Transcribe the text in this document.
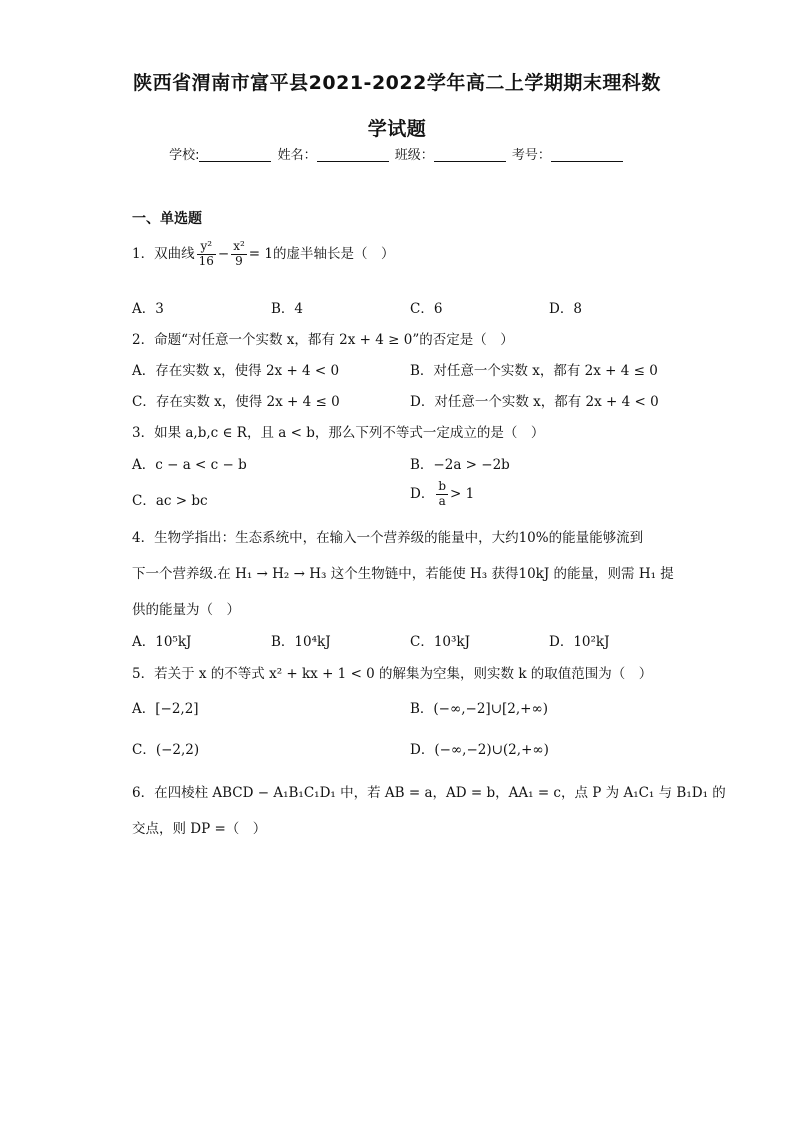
陕西省渭南市富平县2021-2022学年高二上学期期末理科数
学试题
学校:	姓名：	班级：	考号：
一、单选题
1．双曲线 $\frac{\text{y²}}{16} - \frac{\text{x²}}{9} = 1$的虚半轴长是（　）
A．3	B．4	C．6	D．8
2．命题“对任意一个实数 x，都有 2x + 4 ≥ 0”的否定是（　）
A．存在实数 x，使得 2x + 4 < 0	B．对任意一个实数 x，都有 2x + 4 ≤ 0
C．存在实数 x，使得 2x + 4 ≤ 0	D．对任意一个实数 x，都有 2x + 4 < 0
3．如果 a,b,c ∈ R，且 a < b，那么下列不等式一定成立的是（　）
A．c − a < c − b	B．−2a > −2b
C．ac > bc	D． $\frac{b}{a} > 1$
4．生物学指出：生态系统中，在输入一个营养级的能量中，大约10%的能量能够流到
下一个营养级.在 H₁ → H₂ → H₃ 这个生物链中，若能使 H₃ 获得10kJ 的能量，则需 H₁ 提
供的能量为（　）
A．10⁵kJ	B．10⁴kJ	C．10³kJ	D．10²kJ
5．若关于 x 的不等式 x² + kx + 1 < 0 的解集为空集，则实数 k 的取值范围为（　）
A．[−2,2]	B．(−∞,−2]∪[2,+∞)
C．(−2,2)	D．(−∞,−2)∪(2,+∞)
6．在四棱柱 ABCD − A₁B₁C₁D₁ 中，若 AB = a，AD = b，AA₁ = c，点 P 为 A₁C₁ 与 B₁D₁ 的
交点，则 DP =（　）
